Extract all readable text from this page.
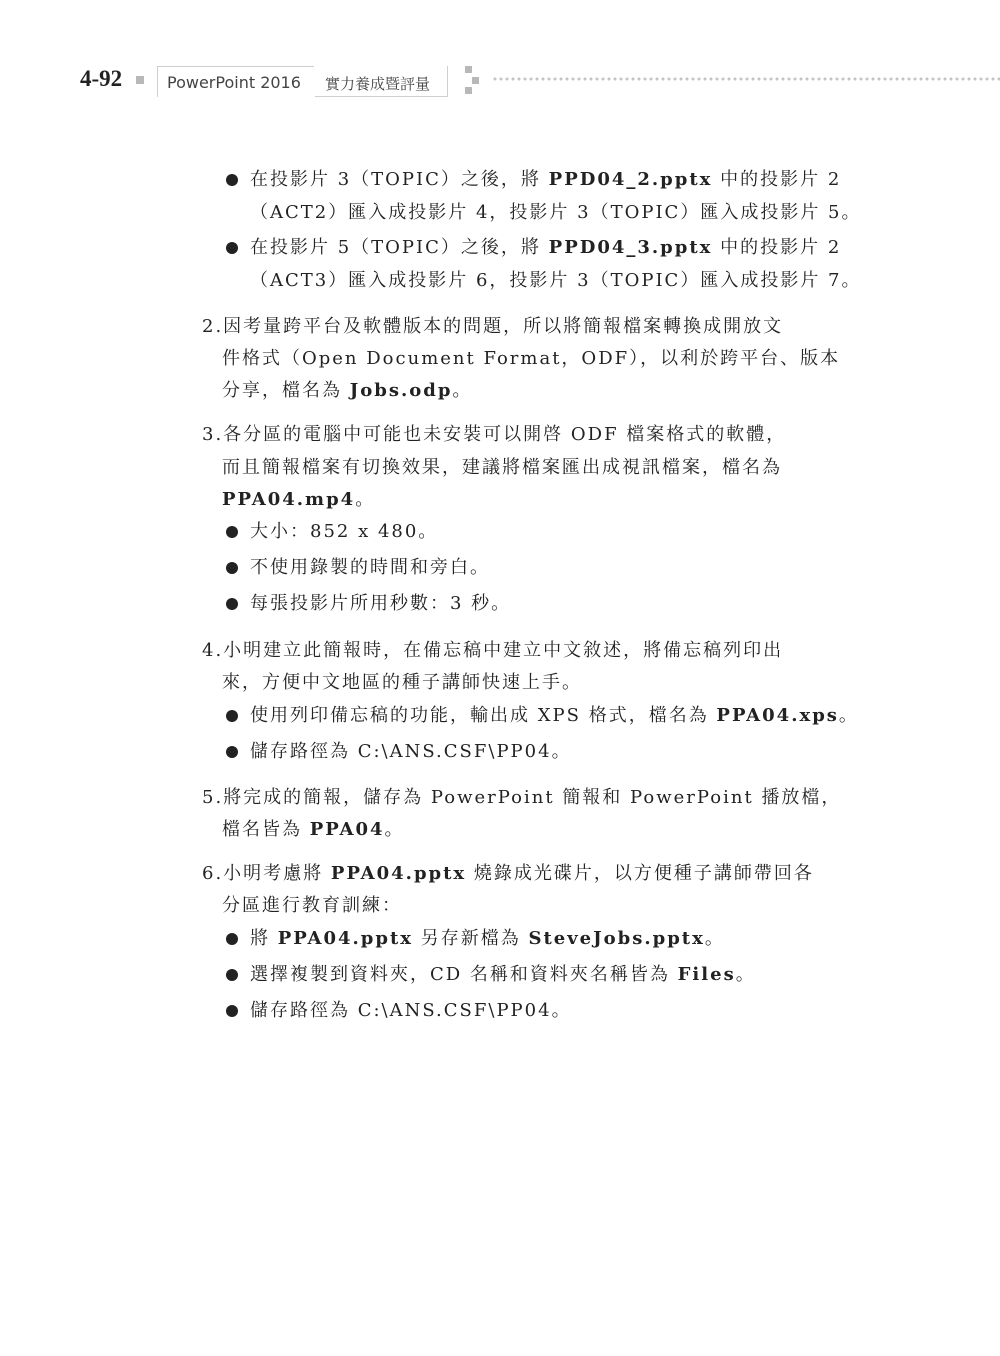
4-92	PowerPoint 2016 實力養成暨評量
在投影片 3（TOPIC）之後，將 PPD04_2.pptx 中的投影片 2
（ACT2）匯入成投影片 4，投影片 3（TOPIC）匯入成投影片 5。
在投影片 5（TOPIC）之後，將 PPD04_3.pptx 中的投影片 2
（ACT3）匯入成投影片 6，投影片 3（TOPIC）匯入成投影片 7。
2.因考量跨平台及軟體版本的問題，所以將簡報檔案轉換成開放文
件格式（Open Document Format，ODF），以利於跨平台、版本
分享，檔名為 Jobs.odp。
3.各分區的電腦中可能也未安裝可以開啓 ODF 檔案格式的軟體，
而且簡報檔案有切換效果，建議將檔案匯出成視訊檔案，檔名為
PPA04.mp4。
大小：852 x 480。
不使用錄製的時間和旁白。
每張投影片所用秒數：3 秒。
4.小明建立此簡報時，在備忘稿中建立中文敘述，將備忘稿列印出
來，方便中文地區的種子講師快速上手。
使用列印備忘稿的功能，輸出成 XPS 格式，檔名為 PPA04.xps。
儲存路徑為 C:\ANS.CSF\PP04。
5.將完成的簡報，儲存為 PowerPoint 簡報和 PowerPoint 播放檔，
檔名皆為 PPA04。
6.小明考慮將 PPA04.pptx 燒錄成光碟片，以方便種子講師帶回各
分區進行教育訓練：
將 PPA04.pptx 另存新檔為 SteveJobs.pptx。
選擇複製到資料夾，CD 名稱和資料夾名稱皆為 Files。
儲存路徑為 C:\ANS.CSF\PP04。
